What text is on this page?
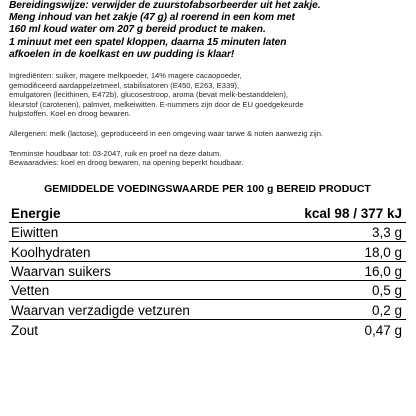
Bereidingswijze: verwijder de zuurstofabsorbeerder uit het zakje.
Meng inhoud van het zakje (47 g) al roerend in een kom met
160 ml koud water om 207 g bereid product te maken.
1 minuut met een spatel kloppen, daarna 15 minuten laten
afkoelen in de koelkast en uw pudding is klaar!
Ingrediënten: suiker, magere melkpoeder, 14% magere cacaopoeder,
gemodificeerd aardappelzetmeel, stabilisatoren (E450, E263, E339),
emulgatoren (lecithinen, E472b), glucosestroop, aroma (bevat melk-bestanddelen),
kleurstof (carotenen), palmvet, melkeiwitten. E-nummers zijn door de EU goedgekeurde
hulpstoffen. Koel en droog bewaren.
Allergenen: melk (lactose), geproduceerd in een omgeving waar tarwe & noten aanwezig zijn.
Tenminste houdbaar tot: 03-2047, ruik en proef na deze datum.
Bewaaradvies: koel en droog bewaren, na opening beperkt houdbaar.
GEMIDDELDE VOEDINGSWAARDE PER 100 g BEREID PRODUCT
Energie	kcal 98 / 377 kJ
Eiwitten	3,3 g
Koolhydraten	18,0 g
Waarvan suikers	16,0 g
Vetten	0,5 g
Waarvan verzadigde vetzuren	0,2 g
Zout	0,47 g
